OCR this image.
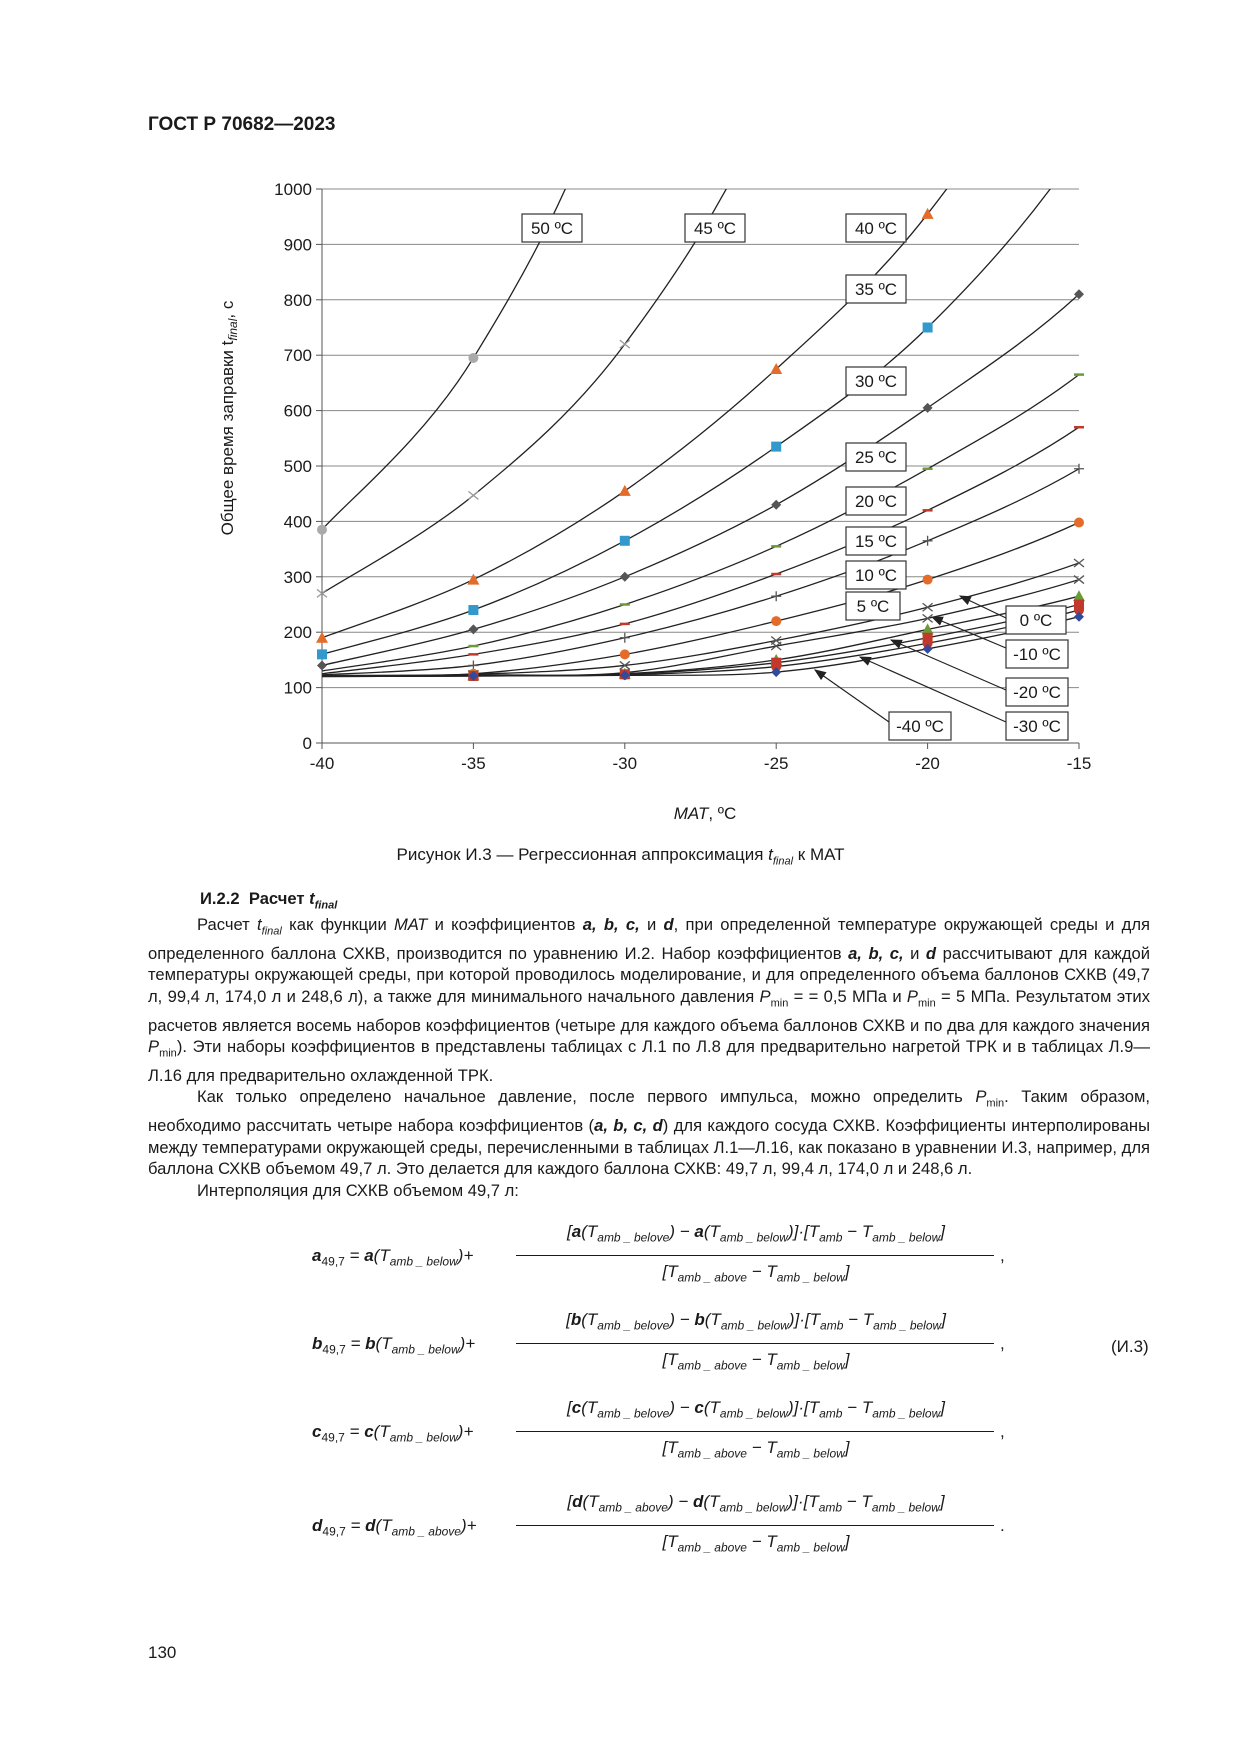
ГОСТ Р 70682—2023
0
100
200
300
400
500
600
700
800
900
1000
-40	-35	-30	-25	-20	-15
50 ºC	45 ºC	40 ºC
35 ºC
30 ºC
25 ºC
20 ºC
15 ºC
10 ºC
5 ºC
0 ºC
-10 ºC
-20 ºC
-30 ºC
-40 ºC
Общее время заправки $t_{final}$, с
MAT, ºC
Рисунок И.3 — Регрессионная аппроксимация $t_{final}$ к МАТ

И.2.2 Расчет $t_{final}$

Расчет $t_{final}$ как функции МАТ и коэффициентов a, b, c, и d, при определенной температуре окружающей среды и для определенного баллона СХКВ, производится по уравнению И.2. Набор коэффициентов a, b, c, и d рассчитывают для каждой температуры окружающей среды, при которой проводилось моделирование, и для определенного объема баллонов СХКВ (49,7 л, 99,4 л, 174,0 л и 248,6 л), а также для минимального начального давления $P_{min}$ = = 0,5 МПа и $P_{min} = 5$ МПа. Результатом этих расчетов является восемь наборов коэффициентов (четыре для каждого объема баллонов СХКВ и по два для каждого значения $P_{min}$). Эти наборы коэффициентов в представлены таблицах с Л.1 по Л.8 для предварительно нагретой ТРК и в таблицах Л.9—Л.16 для предварительно охлажденной ТРК.

Как только определено начальное давление, после первого импульса, можно определить $P_{min}$. Таким образом, необходимо рассчитать четыре набора коэффициентов (a, b, c, d) для каждого сосуда СХКВ. Коэффициенты интерполированы между температурами окружающей среды, перечисленными в таблицах Л.1—Л.16, как показано в уравнении И.3, например, для баллона СХКВ объемом 49,7 л. Это делается для каждого баллона СХКВ: 49,7 л, 99,4 л, 174,0 л и 248,6 л.

Интерполяция для СХКВ объемом 49,7 л:

$a_{49,7} = a(T_{amb \_ below})+$
$[a(T_{amb \_ belove}) - a(T_{amb \_ below})]\cdot[T_{amb} - T_{amb \_ below}]$
$[T_{amb \_ above} - T_{amb \_ below}]$
,
$b_{49,7} = b(T_{amb \_ below})+$
$[b(T_{amb \_ belove}) - b(T_{amb \_ below})]\cdot[T_{amb} - T_{amb \_ below}]$
$[T_{amb \_ above} - T_{amb \_ below}]$
,
$c_{49,7} = c(T_{amb \_ below})+$
$[c(T_{amb \_ belove}) - c(T_{amb \_ below})]\cdot[T_{amb} - T_{amb \_ below}]$
$[T_{amb \_ above} - T_{amb \_ below}]$
,
$d_{49,7} = d(T_{amb \_ above})+$
$[d(T_{amb \_ above}) - d(T_{amb \_ below})]\cdot[T_{amb} - T_{amb \_ below}]$
$[T_{amb \_ above} - T_{amb \_ below}]$
.
(И.3)
130
